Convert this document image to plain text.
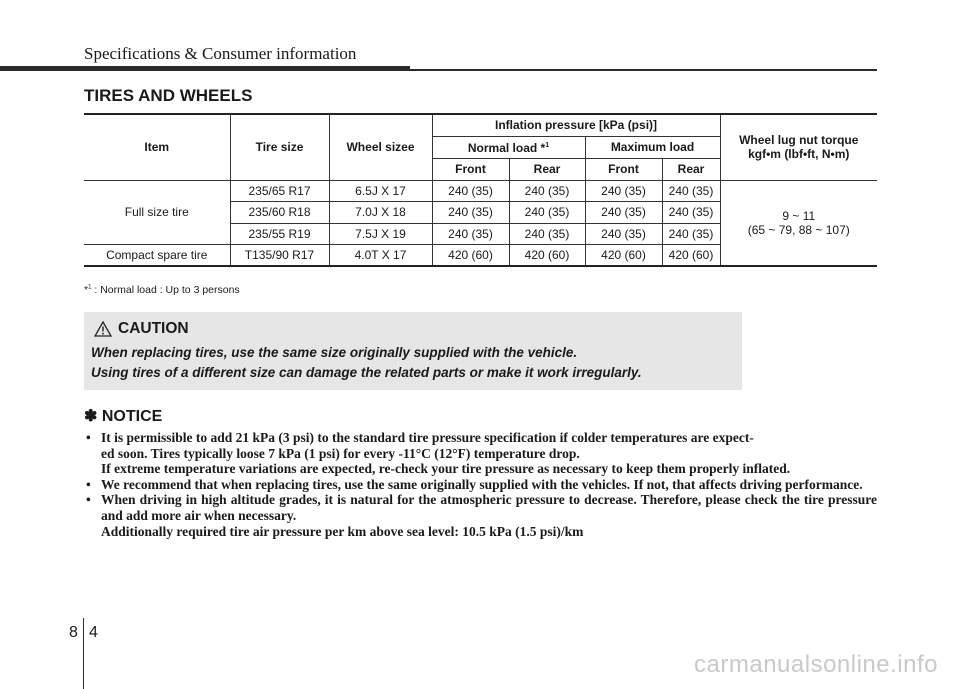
Specifications & Consumer information
TIRES AND WHEELS
Item	Tire size	Wheel sizee	Inflation pressure [kPa (psi)]				Wheel lug nut torque
kgf•m (lbf•ft, N•m)

			Normal load *$^1$		Maximum load		
			Front	Rear	Front	Rear	
Full size tire	235/65 R17	6.5J X 17	240 (35)	240 (35)	240 (35)	240 (35)	9 ~ 11
(65 ~ 79, 88 ~ 107)

	235/60 R18	7.0J X 18	240 (35)	240 (35)	240 (35)	240 (35)	
	235/55 R19	7.5J X 19	240 (35)	240 (35)	240 (35)	240 (35)	
Compact spare tire	T135/90 R17	4.0T X 17	420 (60)	420 (60)	420 (60)	420 (60)	
*$^1$ : Normal load : Up to 3 persons
CAUTION
When replacing tires, use the same size originally supplied with the vehicle.
Using tires of a different size can damage the related parts or make it work irregularly.
✽ NOTICE
• It is permissible to add 21 kPa (3 psi) to the standard tire pressure specification if colder temperatures are expect-

ed soon. Tires typically loose 7 kPa (1 psi) for every -11°C (12°F) temperature drop.

If extreme temperature variations are expected, re-check your tire pressure as necessary to keep them properly inflated.

• We recommend that when replacing tires, use the same originally supplied with the vehicles. If not, that affects driving performance.

• When driving in high altitude grades, it is natural for the atmospheric pressure to decrease. Therefore, please check the tire pressure and add more air when necessary.

Additionally required tire air pressure per km above sea level: 10.5 kPa (1.5 psi)/km

8 4
carmanualsonline.info
